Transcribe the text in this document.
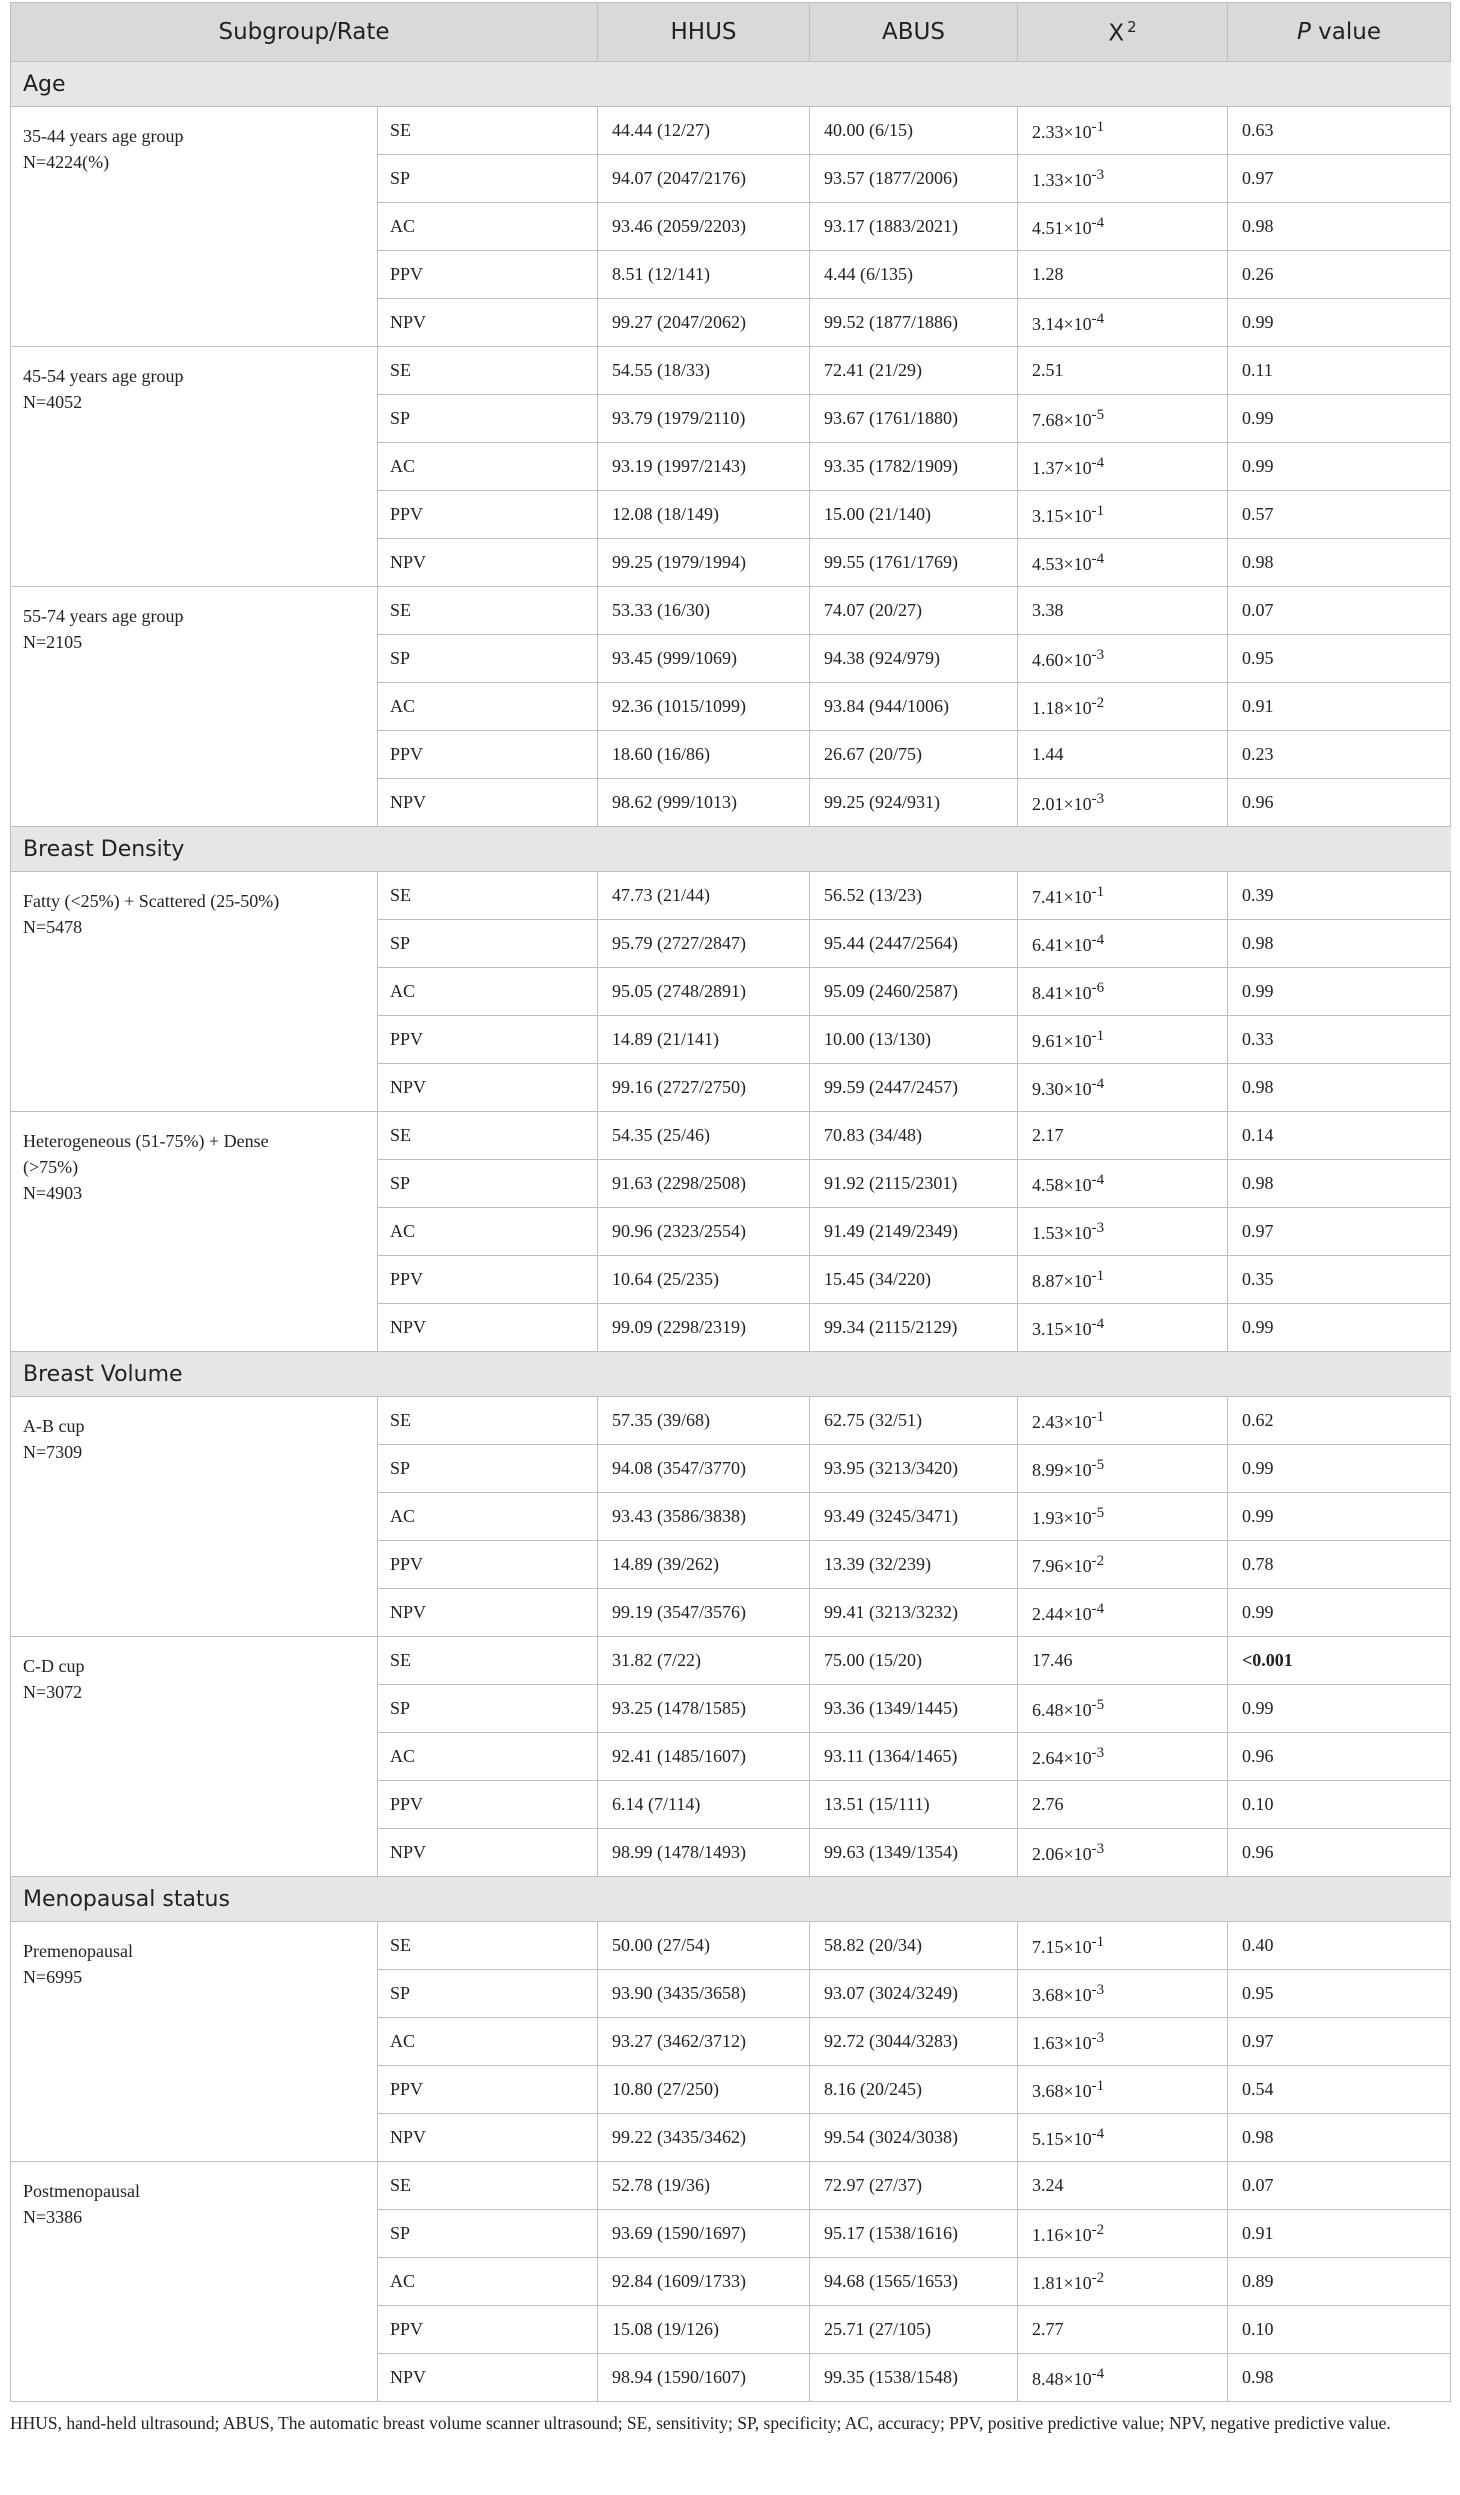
Subgroup/Rate		HHUS	ABUS	X $^2$	P value
Age					
35-44 years age group
N=4224(%)	SE	44.44 (12/27)	40.00 (6/15)	$2.33\times 10^{-1}$	0.63
	SP	94.07 (2047/2176)	93.57 (1877/2006)	$1.33\times 10^{-3}$	0.97
	AC	93.46 (2059/2203)	93.17 (1883/2021)	$4.51\times 10^{-4}$	0.98
	PPV	8.51 (12/141)	4.44 (6/135)	1.28	0.26
	NPV	99.27 (2047/2062)	99.52 (1877/1886)	$3.14\times 10^{-4}$	0.99
45-54 years age group
N=4052	SE	54.55 (18/33)	72.41 (21/29)	2.51	0.11
	SP	93.79 (1979/2110)	93.67 (1761/1880)	$7.68\times 10^{-5}$	0.99
	AC	93.19 (1997/2143)	93.35 (1782/1909)	$1.37\times 10^{-4}$	0.99
	PPV	12.08 (18/149)	15.00 (21/140)	$3.15\times 10^{-1}$	0.57
	NPV	99.25 (1979/1994)	99.55 (1761/1769)	$4.53\times 10^{-4}$	0.98
55-74 years age group
N=2105	SE	53.33 (16/30)	74.07 (20/27)	3.38	0.07
	SP	93.45 (999/1069)	94.38 (924/979)	$4.60\times 10^{-3}$	0.95
	AC	92.36 (1015/1099)	93.84 (944/1006)	$1.18\times 10^{-2}$	0.91
	PPV	18.60 (16/86)	26.67 (20/75)	1.44	0.23
	NPV	98.62 (999/1013)	99.25 (924/931)	$2.01\times 10^{-3}$	0.96
Breast Density					
Fatty (<25%) + Scattered (25-50%)
N=5478	SE	47.73 (21/44)	56.52 (13/23)	$7.41\times 10^{-1}$	0.39
	SP	95.79 (2727/2847)	95.44 (2447/2564)	$6.41\times 10^{-4}$	0.98
	AC	95.05 (2748/2891)	95.09 (2460/2587)	$8.41\times 10^{-6}$	0.99
	PPV	14.89 (21/141)	10.00 (13/130)	$9.61\times 10^{-1}$	0.33
	NPV	99.16 (2727/2750)	99.59 (2447/2457)	$9.30\times 10^{-4}$	0.98
Heterogeneous (51-75%) + Dense
(>75%)
N=4903	SE	54.35 (25/46)	70.83 (34/48)	2.17	0.14
	SP	91.63 (2298/2508)	91.92 (2115/2301)	$4.58\times 10^{-4}$	0.98
	AC	90.96 (2323/2554)	91.49 (2149/2349)	$1.53\times 10^{-3}$	0.97
	PPV	10.64 (25/235)	15.45 (34/220)	$8.87\times 10^{-1}$	0.35
	NPV	99.09 (2298/2319)	99.34 (2115/2129)	$3.15\times 10^{-4}$	0.99
Breast Volume					
A-B cup
N=7309	SE	57.35 (39/68)	62.75 (32/51)	$2.43\times 10^{-1}$	0.62
	SP	94.08 (3547/3770)	93.95 (3213/3420)	$8.99\times 10^{-5}$	0.99
	AC	93.43 (3586/3838)	93.49 (3245/3471)	$1.93\times 10^{-5}$	0.99
	PPV	14.89 (39/262)	13.39 (32/239)	$7.96\times 10^{-2}$	0.78
	NPV	99.19 (3547/3576)	99.41 (3213/3232)	$2.44\times 10^{-4}$	0.99
C-D cup
N=3072	SE	31.82 (7/22)	75.00 (15/20)	17.46	<0.001
	SP	93.25 (1478/1585)	93.36 (1349/1445)	$6.48\times 10^{-5}$	0.99
	AC	92.41 (1485/1607)	93.11 (1364/1465)	$2.64\times 10^{-3}$	0.96
	PPV	6.14 (7/114)	13.51 (15/111)	2.76	0.10
	NPV	98.99 (1478/1493)	99.63 (1349/1354)	$2.06\times 10^{-3}$	0.96
Menopausal status					
Premenopausal
N=6995	SE	50.00 (27/54)	58.82 (20/34)	$7.15\times 10^{-1}$	0.40
	SP	93.90 (3435/3658)	93.07 (3024/3249)	$3.68\times 10^{-3}$	0.95
	AC	93.27 (3462/3712)	92.72 (3044/3283)	$1.63\times 10^{-3}$	0.97
	PPV	10.80 (27/250)	8.16 (20/245)	$3.68\times 10^{-1}$	0.54
	NPV	99.22 (3435/3462)	99.54 (3024/3038)	$5.15\times 10^{-4}$	0.98
Postmenopausal
N=3386	SE	52.78 (19/36)	72.97 (27/37)	3.24	0.07
	SP	93.69 (1590/1697)	95.17 (1538/1616)	$1.16\times 10^{-2}$	0.91
	AC	92.84 (1609/1733)	94.68 (1565/1653)	$1.81\times 10^{-2}$	0.89
	PPV	15.08 (19/126)	25.71 (27/105)	2.77	0.10
	NPV	98.94 (1590/1607)	99.35 (1538/1548)	$8.48\times 10^{-4}$	0.98
HHUS, hand-held ultrasound; ABUS, The automatic breast volume scanner ultrasound; SE, sensitivity; SP, specificity; AC, accuracy; PPV, positive predictive value; NPV, negative predictive value.
